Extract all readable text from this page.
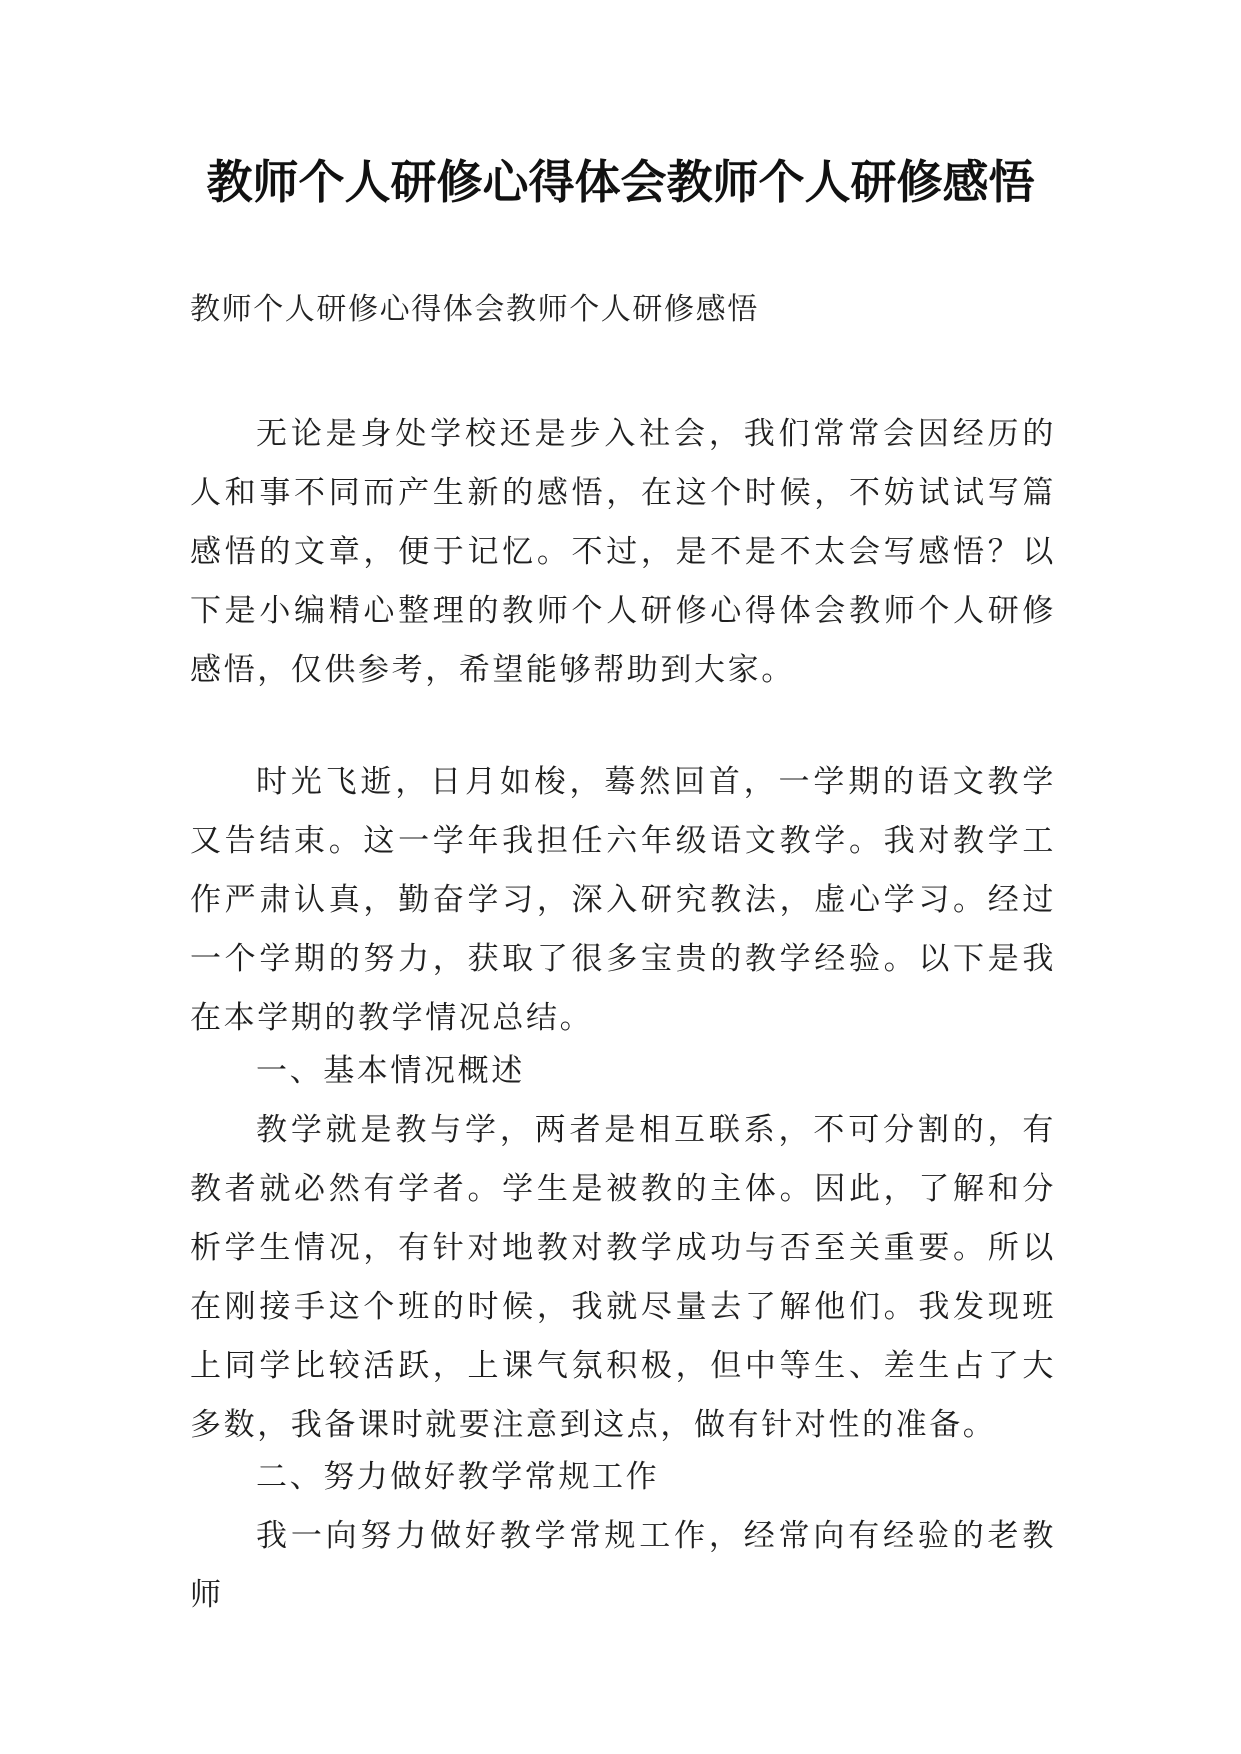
教师个人研修心得体会教师个人研修感悟

教师个人研修心得体会教师个人研修感悟

无论是身处学校还是步入社会，我们常常会因经历的人和事不同而产生新的感悟，在这个时候，不妨试试写篇感悟的文章，便于记忆。不过，是不是不太会写感悟？以下是小编精心整理的教师个人研修心得体会教师个人研修感悟，仅供参考，希望能够帮助到大家。

时光飞逝，日月如梭，蓦然回首，一学期的语文教学又告结束。这一学年我担任六年级语文教学。我对教学工作严肃认真，勤奋学习，深入研究教法，虚心学习。经过一个学期的努力，获取了很多宝贵的教学经验。以下是我在本学期的教学情况总结。

一、基本情况概述

教学就是教与学，两者是相互联系，不可分割的，有教者就必然有学者。学生是被教的主体。因此，了解和分析学生情况，有针对地教对教学成功与否至关重要。所以在刚接手这个班的时候，我就尽量去了解他们。我发现班上同学比较活跃，上课气氛积极，但中等生、差生占了大多数，我备课时就要注意到这点，做有针对性的准备。

二、努力做好教学常规工作

我一向努力做好教学常规工作，经常向有经验的老教师
